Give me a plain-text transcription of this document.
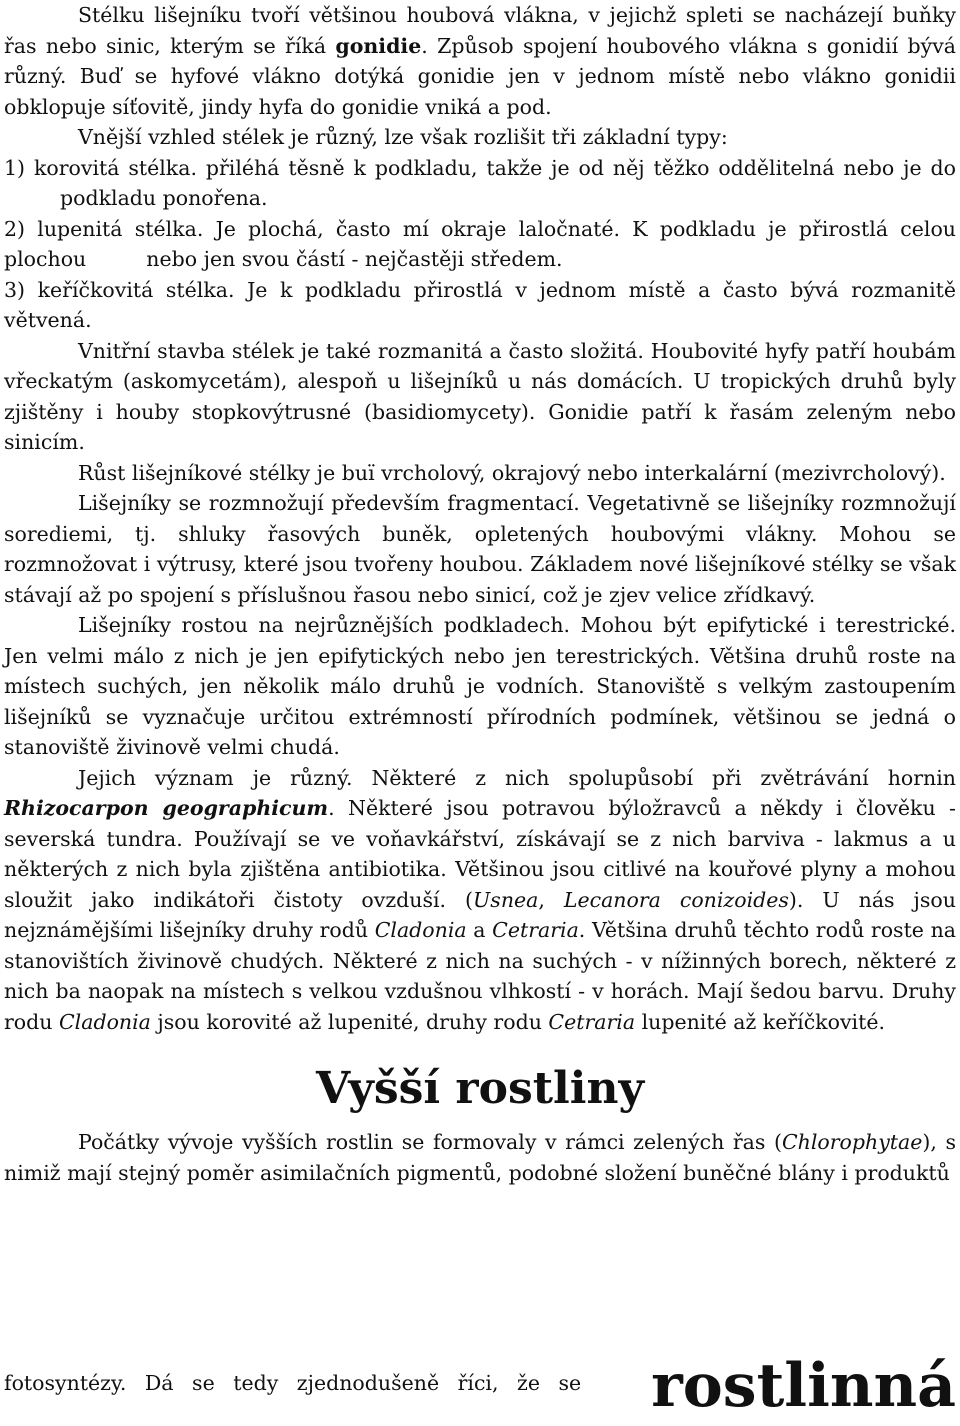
Stélku lišejníku tvoří většinou houbová vlákna, v jejichž spleti se nacházejí buňky řas nebo sinic, kterým se říká gonidie. Způsob spojení houbového vlákna s gonidií bývá různý. Buď se hyfové vlákno dotýká gonidie jen v jednom místě nebo vlákno gonidii obklopuje síťovitě, jindy hyfa do gonidie vniká a pod.

Vnější vzhled stélek je různý, lze však rozlišit tři základní typy:

1) korovitá stélka. přiléhá těsně k podkladu, takže je od něj těžko oddělitelná nebo je dopodkladu ponořena.

2) lupenitá stélka. Je plochá, často mí okraje laločnaté. K podkladu je přirostlá celou plochou	nebo jen svou částí - nejčastěji středem.

3) keříčkovitá stélka. Je k podkladu přirostlá v jednom místě a často bývá rozmanitě větvená.

Vnitřní stavba stélek je také rozmanitá a často složitá. Houbovité hyfy patří houbám vřeckatým (askomycetám), alespoň u lišejníků u nás domácích. U tropických druhů byly zjištěny i houby stopkovýtrusné (basidiomycety). Gonidie patří k řasám zeleným nebo sinicím.

Růst lišejníkové stélky je buï vrcholový, okrajový nebo interkalární (mezivrcholový).

Lišejníky se rozmnožují především fragmentací. Vegetativně se lišejníky rozmnožují sorediemi, tj. shluky řasových buněk, opletených houbovými vlákny. Mohou se rozmnožovat i výtrusy, které jsou tvořeny houbou. Základem nové lišejníkové stélky se však stávají až po spojení s příslušnou řasou nebo sinicí, což je zjev velice zřídkavý.

Lišejníky rostou na nejrůznějších podkladech. Mohou být epifytické i terestrické. Jen velmi málo z nich je jen epifytických nebo jen terestrických. Většina druhů roste na místech suchých, jen několik málo druhů je vodních. Stanoviště s velkým zastoupením lišejníků se vyznačuje určitou extrémností přírodních podmínek, většinou se jedná o stanoviště živinově velmi chudá.

Jejich význam je různý. Některé z nich spolupůsobí při zvětrávání hornin Rhizocarpon geographicum. Některé jsou potravou býložravců a někdy i člověku - severská tundra. Používají se ve voňavkářství, získávají se z nich barviva - lakmus a u některých z nich byla zjištěna antibiotika. Většinou jsou citlivé na kouřové plyny a mohou sloužit jako indikátoři čistoty ovzduší. (Usnea, Lecanora conizoides). U nás jsou nejznámějšími lišejníky druhy rodů Cladonia a Cetraria. Většina druhů těchto rodů roste na stanovištích živinově chudých. Některé z nich na suchých - v nížinných borech, některé z nich ba naopak na místech s velkou vzdušnou vlhkostí - v horách. Mají šedou barvu. Druhy rodu Cladonia jsou korovité až lupenité, druhy rodu Cetraria lupenité až keříčkovité.

Vyšší rostliny

Počátky vývoje vyšších rostlin se formovaly v rámci zelených řas (Chlorophytae), s nimiž mají stejný poměr asimilačních pigmentů, podobné složení buněčné blány i produktů

fotosyntézy. Dá se tedy zjednodušeně říci, že se rostlinná
